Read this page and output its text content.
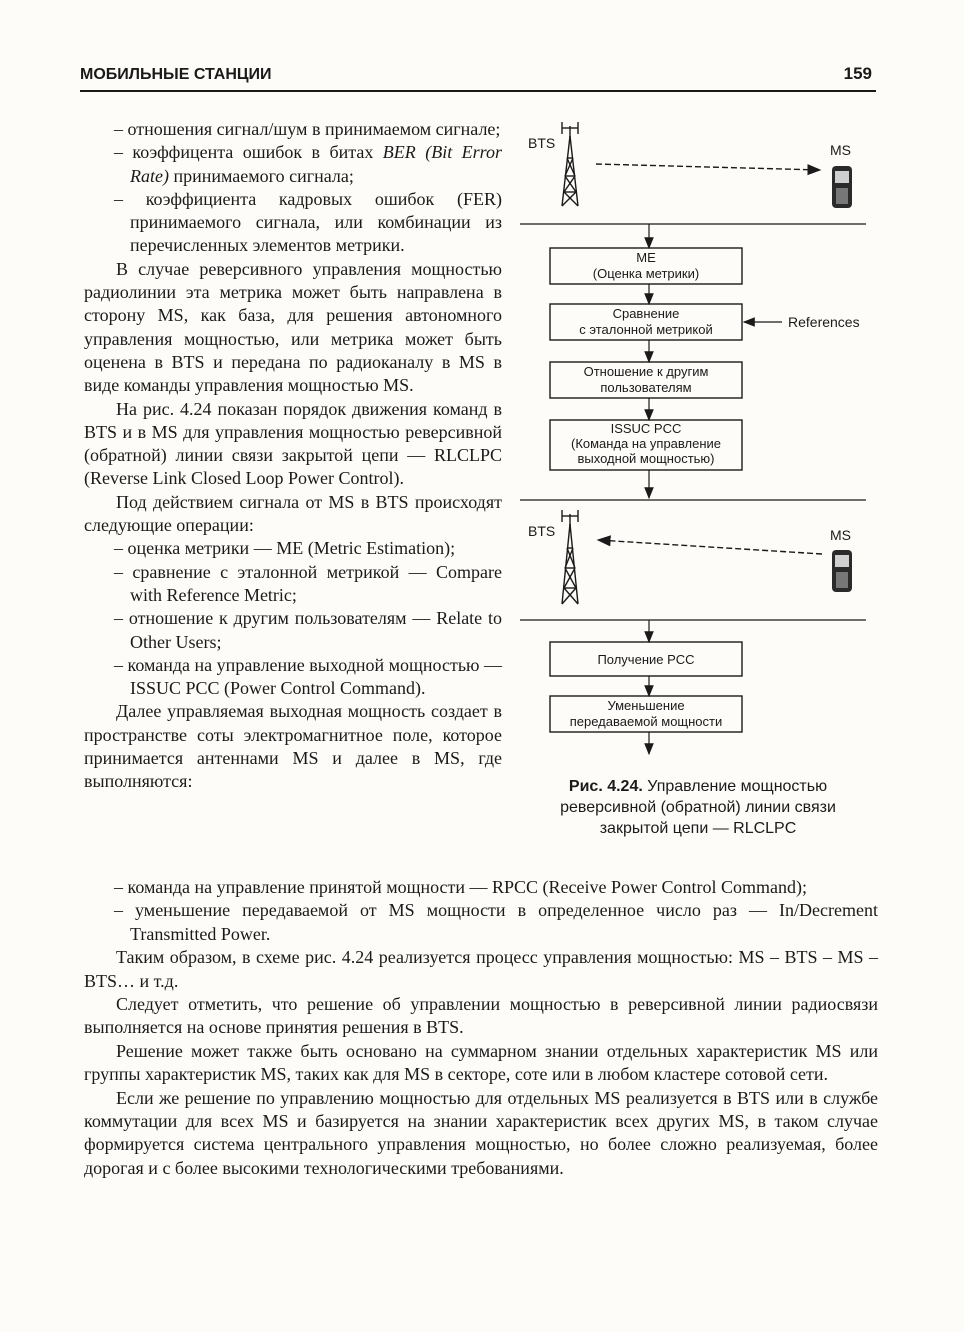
МОБИЛЬНЫЕ СТАНЦИИ	159

– отношения сигнал/шум в принимаемом сигнале;

– коэффицента ошибок в битах BER (Bit Error Rate) принимаемого сигнала;

– коэффициента кадровых ошибок (FER) принимаемого сигнала, или комбинации из перечисленных элементов метрики.

В случае реверсивного управления мощностью радиолинии эта метрика может быть направлена в сторону MS, как база, для решения автономного управления мощностью, или метрика может быть оценена в BTS и передана по радиоканалу в MS в виде команды управления мощностью MS.

На рис. 4.24 показан порядок движения команд в BTS и в MS для управления мощностью реверсивной (обратной) линии связи закрытой цепи — RLCLPC (Reverse Link Closed Loop Power Control).

Под действием сигнала от MS в BTS происходят следующие операции:

– оценка метрики — ME (Metric Estimation);

– сравнение с эталонной метрикой — Compare with Reference Metric;

– отношение к другим пользователям — Relate to Other Users;

– команда на управление выходной мощностью — ISSUC PCC (Power Control Command).

Далее управляемая выходная мощность создает в пространстве соты электромагнитное поле, которое принимается антеннами MS и далее в MS, где выполняются:

BTS	MS
ME
(Оценка метрики)
Сравнение
с эталонной метрикой	References
Отношение к другим
пользователям
ISSUC PCC
(Команда на управление
выходной мощностью)
BTS	MS
Получение PCC
Уменьшение
передаваемой мощности
Рис. 4.24. Управление мощностью реверсивной (обратной) линии связи закрытой цепи — RLCLPC

– команда на управление принятой мощности — RPCC (Receive Power Control Command);

– уменьшение передаваемой от MS мощности в определенное число раз — In/Decrement Transmitted Power.

Таким образом, в схеме рис. 4.24 реализуется процесс управления мощностью: MS – BTS – MS – BTS… и т.д.

Следует отметить, что решение об управлении мощностью в реверсивной линии радиосвязи выполняется на основе принятия решения в BTS.

Решение может также быть основано на суммарном знании отдельных характеристик MS или группы характеристик MS, таких как для MS в секторе, соте или в любом кластере сотовой сети.

Если же решение по управлению мощностью для отдельных MS реализуется в BTS или в службе коммутации для всех MS и базируется на знании характеристик всех других MS, в таком случае формируется система центрального управления мощностью, но более сложно реализуемая, более дорогая и с более высокими технологическими требованиями.
